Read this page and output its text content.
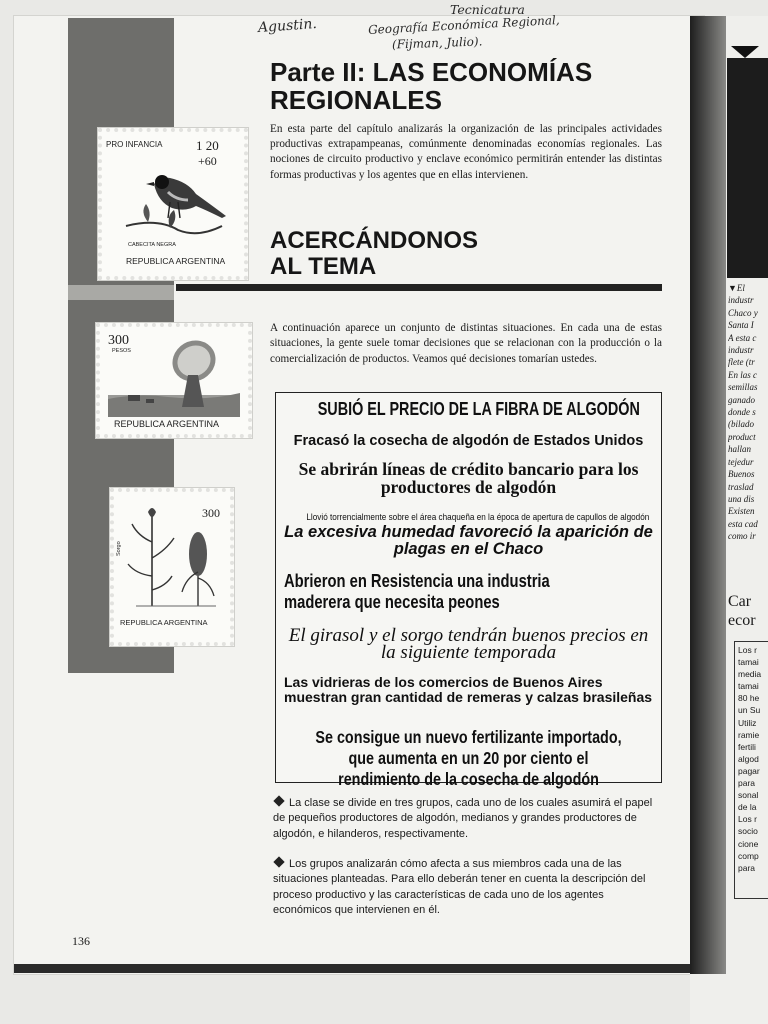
▼El
industr
Chaco y
Santa I
A esta c
industr
flete (tr
En las c
semillas
ganado
donde s
(bilado
product
hallan
tejedur
Buenos
traslad
una dis
Existen
esta cad
como ir
Car
ecor
Los r
tamai
media
tamai
80 he
un Su
Utiliz
ramie
fertili
algod
pagar
para
sonal
de la
Los r
socio
cione
comp
para
Agustin.
Tecnicatura
Geografía Económica Regional,
(Fijman, Julio).
Parte II: LAS ECONOMÍAS
REGIONALES

En esta parte del capítulo analizarás la organización de las principales actividades productivas extrapampeanas, comúnmente denominadas economías regionales. Las nociones de circuito productivo y enclave económico permitirán entender las distintas formas productivas y los agentes que en ellas intervienen.

ACERCÁNDONOS
AL TEMA

A continuación aparece un conjunto de distintas situaciones. En cada una de estas situaciones, la gente suele tomar decisiones que se relacionan con la producción o la comercialización de productos. Veamos qué decisiones tomarían ustedes.

SUBIÓ EL PRECIO DE LA FIBRA DE ALGODÓN
Fracasó la cosecha de algodón de Estados Unidos
Se abrirán líneas de crédito bancario para los productores de algodón
Llovió torrencialmente sobre el área chaqueña en la época de apertura de capullos de algodón
La excesiva humedad favoreció la aparición de plagas en el Chaco
Abrieron en Resistencia una industria maderera que necesita peones
El girasol y el sorgo tendrán buenos precios en la siguiente temporada
Las vidrieras de los comercios de Buenos Aires muestran gran cantidad de remeras y calzas brasileñas
Se consigue un nuevo fertilizante importado, que aumenta en un 20 por ciento el rendimiento de la cosecha de algodón

La clase se divide en tres grupos, cada uno de los cuales asumirá el papel de pequeños productores de algodón, medianos y grandes productores de algodón, e hilanderos, respectivamente.

Los grupos analizarán cómo afecta a sus miembros cada una de las situaciones planteadas. Para ello deberán tener en cuenta la descripción del proceso productivo y las características de cada uno de los agentes económicos que intervienen en él.

136
PRO INFANCIA	1 20
+60
CABECITA NEGRA
REPUBLICA ARGENTINA
300
PESOS
REPUBLICA ARGENTINA
300
Sorgo
REPUBLICA ARGENTINA
